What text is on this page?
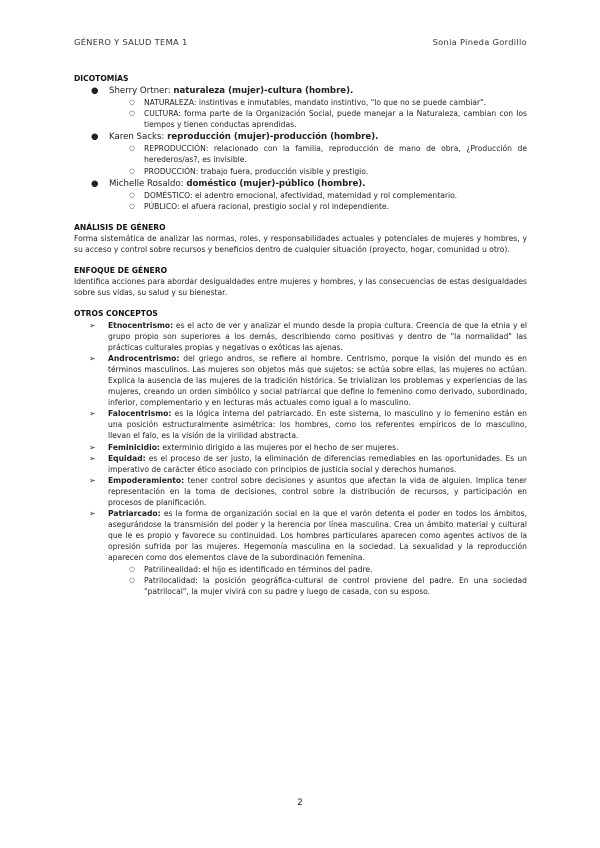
GÉNERO Y SALUD TEMA 1	Sonia Pineda Gordillo
DICOTOMÍAS
● Sherry Ortner: naturaleza (mujer)-cultura (hombre).
○ NATURALEZA: instintivas e inmutables, mandato instintivo, "lo que no se puede cambiar".
○ CULTURA: forma parte de la Organización Social, puede manejar a la Naturaleza, cambian con los tiempos y tienen conductas aprendidas.
● Karen Sacks: reproducción (mujer)-producción (hombre).
○ REPRODUCCIÓN: relacionado con la familia, reproducción de mano de obra, ¿Producción de herederos/as?, es invisible.
○ PRODUCCIÓN: trabajo fuera, producción visible y prestigio.
● Michelle Rosaldo: doméstico (mujer)-público (hombre).
○ DOMÉSTICO: el adentro emocional, afectividad, maternidad y rol complementario.
○ PÚBLICO: el afuera racional, prestigio social y rol independiente.
ANÁLISIS DE GÉNERO
Forma sistemática de analizar las normas, roles, y responsabilidades actuales y potenciales de mujeres y hombres, y su acceso y control sobre recursos y beneficios dentro de cualquier situación (proyecto, hogar, comunidad u otro).
ENFOQUE DE GÉNERO
Identifica acciones para abordar desigualdades entre mujeres y hombres, y las consecuencias de estas desigualdades sobre sus vidas, su salud y su bienestar.
OTROS CONCEPTOS
➢ Etnocentrismo: es el acto de ver y analizar el mundo desde la propia cultura. Creencia de que la etnia y el grupo propio son superiores a los demás, describiendo como positivas y dentro de "la normalidad" las prácticas culturales propias y negativas o exóticas las ajenas.
➢ Androcentrismo: del griego andros, se refiere al hombre. Centrismo, porque la visión del mundo es en términos masculinos. Las mujeres son objetos más que sujetos: se actúa sobre ellas, las mujeres no actúan. Explica la ausencia de las mujeres de la tradición histórica. Se trivializan los problemas y experiencias de las mujeres, creando un orden simbólico y social patriarcal que define lo femenino como derivado, subordinado, inferior, complementario y en lecturas más actuales como igual a lo masculino.
➢ Falocentrismo: es la lógica interna del patriarcado. En este sistema, lo masculino y lo femenino están en una posición estructuralmente asimétrica: los hombres, como los referentes empíricos de lo masculino, llevan el falo, es la visión de la virilidad abstracta.
➢ Feminicidio: exterminio dirigido a las mujeres por el hecho de ser mujeres.
➢ Equidad: es el proceso de ser justo, la eliminación de diferencias remediables en las oportunidades. Es un imperativo de carácter ético asociado con principios de justicia social y derechos humanos.
➢ Empoderamiento: tener control sobre decisiones y asuntos que afectan la vida de alguien. Implica tener representación en la toma de decisiones, control sobre la distribución de recursos, y participación en procesos de planificación.
➢ Patriarcado: es la forma de organización social en la que el varón detenta el poder en todos los ámbitos, asegurándose la transmisión del poder y la herencia por línea masculina. Crea un ámbito material y cultural que le es propio y favorece su continuidad. Los hombres particulares aparecen como agentes activos de la opresión sufrida por las mujeres. Hegemonía masculina en la sociedad. La sexualidad y la reproducción aparecen como dos elementos clave de la subordinación femenina.
○ Patrilinealidad: el hijo es identificado en términos del padre.
○ Patrilocalidad: la posición geográfica-cultural de control proviene del padre. En una sociedad "patrilocal", la mujer vivirá con su padre y luego de casada, con su esposo.
2
